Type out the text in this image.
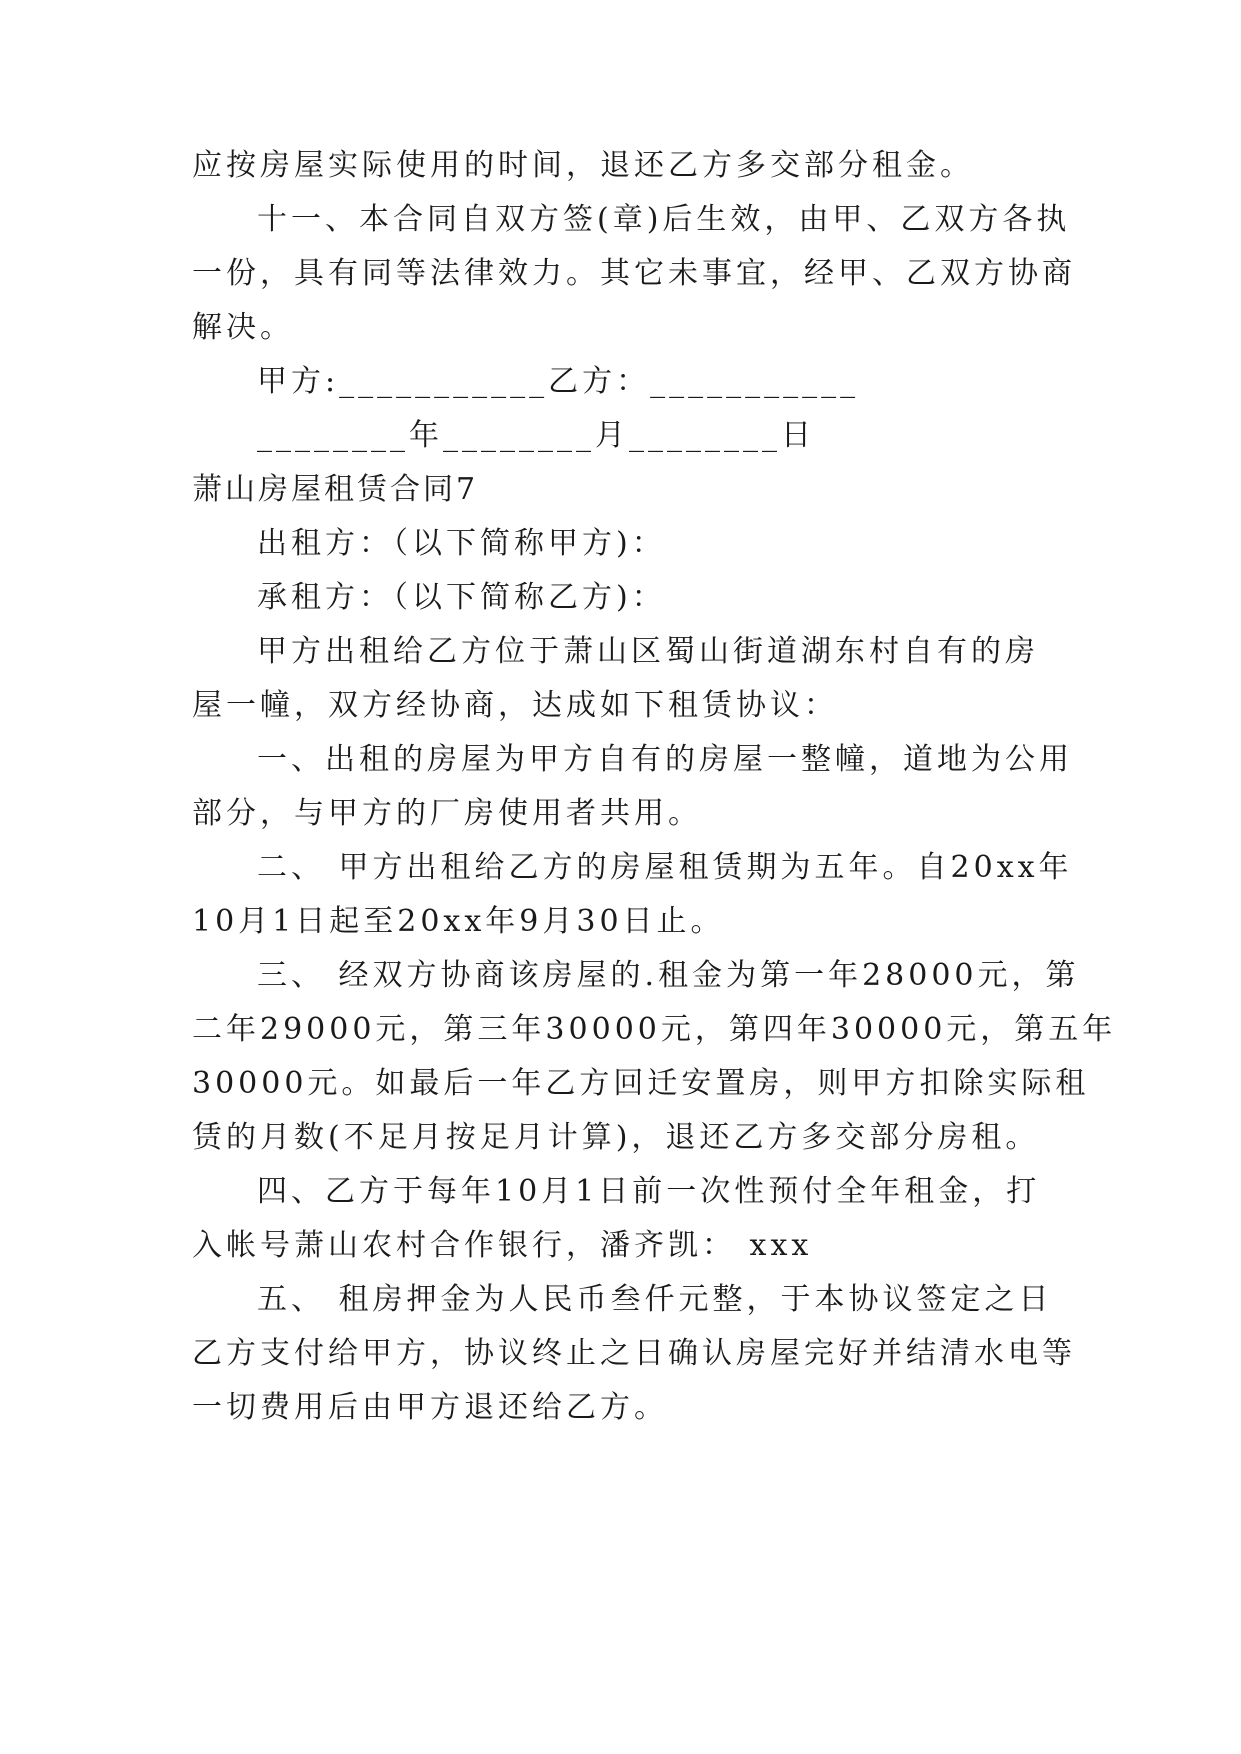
应按房屋实际使用的时间，退还乙方多交部分租金。

十一、本合同自双方签(章)后生效，由甲、乙双方各执

一份，具有同等法律效力。其它未事宜，经甲、乙双方协商

解决。

甲方:___________乙方：___________

________年________月________日

萧山房屋租赁合同7

出租方：（以下简称甲方)：

承租方：（以下简称乙方)：

甲方出租给乙方位于萧山区蜀山街道湖东村自有的房

屋一幢，双方经协商，达成如下租赁协议：

一、出租的房屋为甲方自有的房屋一整幢，道地为公用

部分，与甲方的厂房使用者共用。

二、 甲方出租给乙方的房屋租赁期为五年。自20xx年

10月1日起至20xx年9月30日止。

三、 经双方协商该房屋的.租金为第一年28000元，第

二年29000元，第三年30000元，第四年30000元，第五年

30000元。如最后一年乙方回迁安置房，则甲方扣除实际租

赁的月数(不足月按足月计算)，退还乙方多交部分房租。

四、乙方于每年10月1日前一次性预付全年租金，打

入帐号萧山农村合作银行，潘齐凯： xxx

五、 租房押金为人民币叁仟元整，于本协议签定之日

乙方支付给甲方，协议终止之日确认房屋完好并结清水电等

一切费用后由甲方退还给乙方。
